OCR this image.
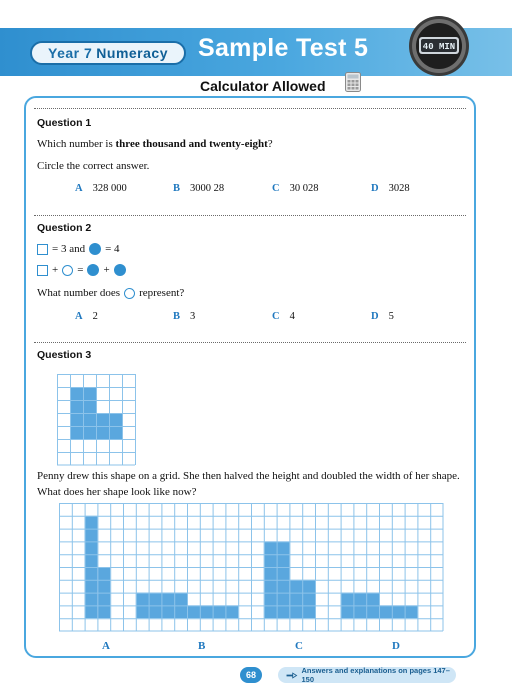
Year 7
Numeracy Sample Test 5	40 MIN
Calculator Allowed
Question 1
Which number is three thousand and twenty-eight?
Circle the correct answer.
A 328 000	B 3000 28	C 30 028	D 3028
Question 2
= 3 and = 4
+ = +
What number does represent?
A 2	B 3	C 4	D 5
Question 3
Penny drew this shape on a grid. She then halved the height and doubled the width of her shape. What does her shape look like now?
A	B	C	D
68	Answers and explanations on pages 147–150
